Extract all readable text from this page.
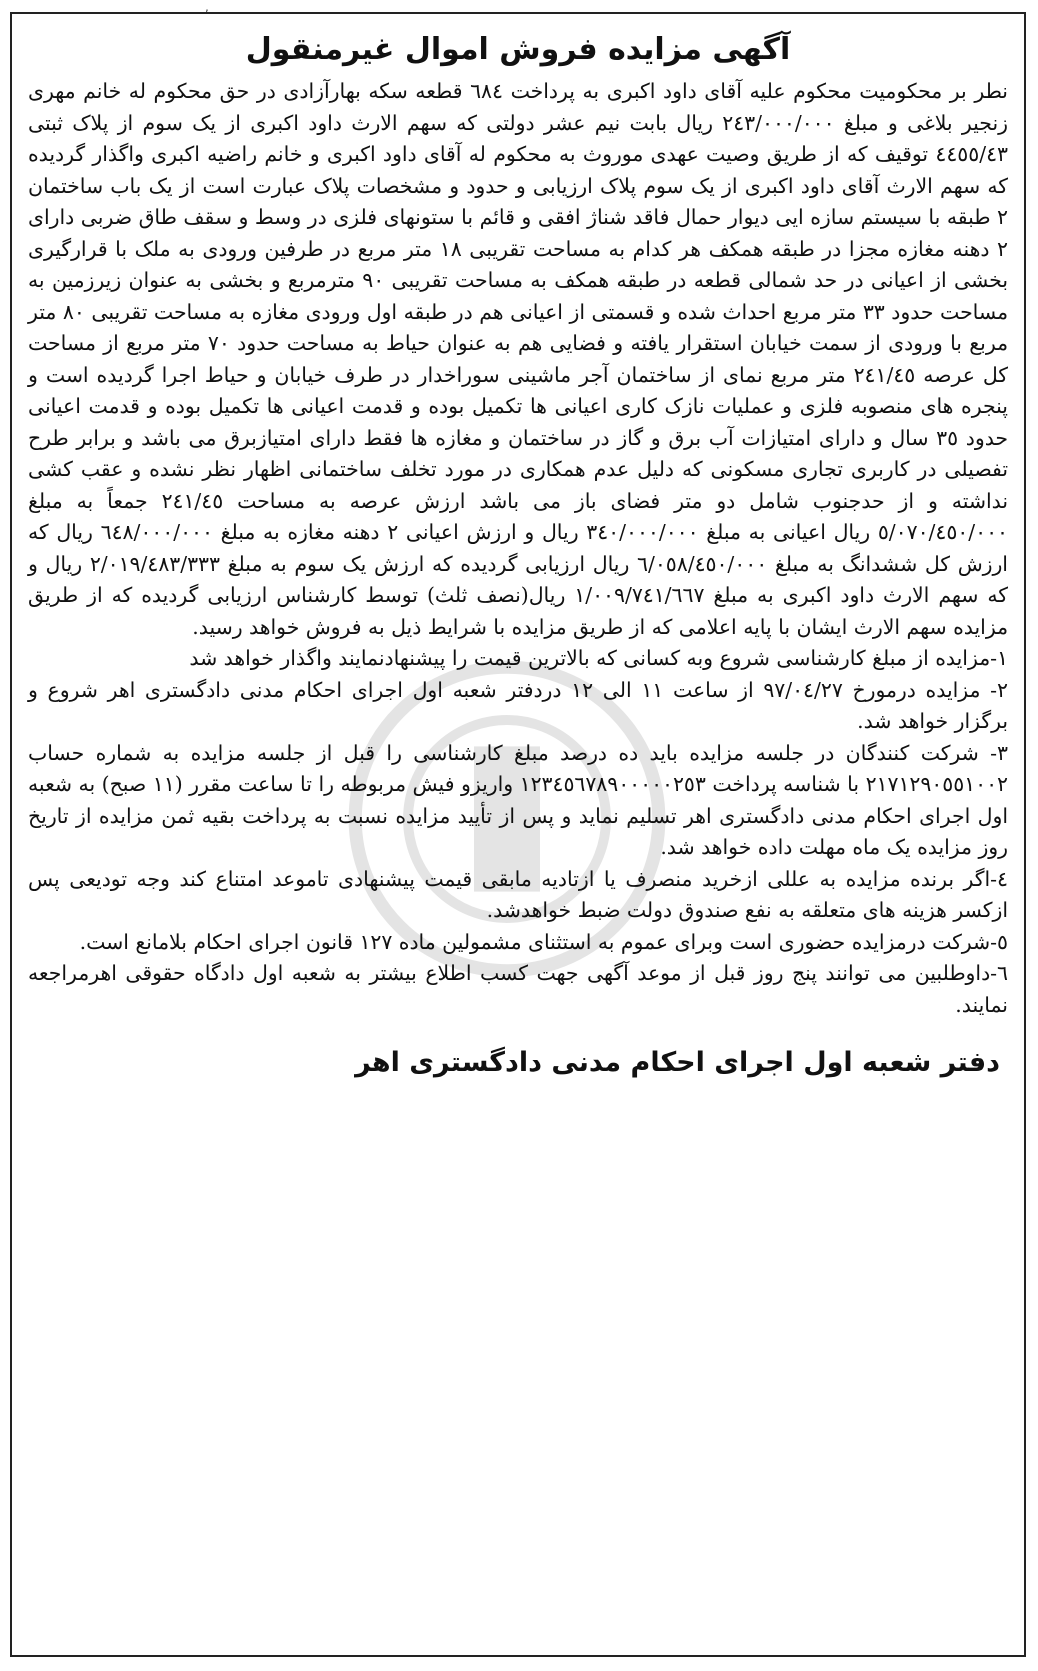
,
آگهی مزایده فروش اموال غیرمنقول

نطر بر محکومیت محکوم علیه آقای داود اکبری به پرداخت ٦٨٤ قطعه سکه بهارآزادی در حق محکوم له خانم مهری زنجیر بلاغی و مبلغ ٢٤٣/٠٠٠/٠٠٠ ریال بابت نیم عشر دولتی که سهم الارث داود اکبری از یک سوم از پلاک ثبتی ٤٤٥٥/٤٣ توقیف که از طریق وصیت عهدی موروث به محکوم له آقای داود اکبری و خانم راضیه اکبری واگذار گردیده که سهم الارث آقای داود اکبری از یک سوم پلاک ارزیابی و حدود و مشخصات پلاک عبارت است از یک باب ساختمان ٢ طبقه با سیستم سازه ایی دیوار حمال فاقد شناژ افقی و قائم با ستونهای فلزی در وسط و سقف طاق ضربی دارای ٢ دهنه مغازه مجزا در طبقه همکف هر کدام به مساحت تقریبی ١٨ متر مربع در طرفین ورودی به ملک با قرارگیری بخشی از اعیانی در حد شمالی قطعه در طبقه همکف به مساحت تقریبی ٩٠ مترمربع و بخشی به عنوان زیرزمین به مساحت حدود ٣٣ متر مربع احداث شده و قسمتی از اعیانی هم در طبقه اول ورودی مغازه به مساحت تقریبی ٨٠ متر مربع با ورودی از سمت خیابان استقرار یافته و فضایی هم به عنوان حیاط به مساحت حدود ٧٠ متر مربع از مساحت کل عرصه ٢٤١/٤٥ متر مربع نمای از ساختمان آجر ماشینی سوراخدار در طرف خیابان و حیاط اجرا گردیده است و پنجره های منصوبه فلزی و عملیات نازک کاری اعیانی ها تکمیل بوده و قدمت اعیانی ها تکمیل بوده و قدمت اعیانی حدود ٣٥ سال و دارای امتیازات آب برق و گاز در ساختمان و مغازه ها فقط دارای امتیازبرق می باشد و برابر طرح تفصیلی در کاربری تجاری مسکونی که دلیل عدم همکاری در مورد تخلف ساختمانی اظهار نظر نشده و عقب کشی نداشته و از حدجنوب شامل دو متر فضای باز می باشد ارزش عرصه به مساحت ٢٤١/٤٥ جمعاً به مبلغ ٥/٠٧٠/٤٥٠/٠٠٠ ریال اعیانی به مبلغ ٣٤٠/٠٠٠/٠٠٠ ریال و ارزش اعیانی ٢ دهنه مغازه به مبلغ ٦٤٨/٠٠٠/٠٠٠ ریال که ارزش کل ششدانگ به مبلغ ٦/٠٥٨/٤٥٠/٠٠٠ ریال ارزیابی گردیده که ارزش یک سوم به مبلغ ٢/٠١٩/٤٨٣/٣٣٣ ریال و که سهم الارث داود اکبری به مبلغ ١/٠٠٩/٧٤١/٦٦٧ ریال(نصف ثلث) توسط کارشناس ارزیابی گردیده که از طریق مزایده سهم الارث ایشان با پایه اعلامی که از طریق مزایده با شرایط ذیل به فروش خواهد رسید.

١-مزایده از مبلغ کارشناسی شروع وبه کسانی که بالاترین قیمت را پیشنهادنمایند واگذار خواهد شد
٢- مزایده درمورخ ٩٧/٠٤/٢٧ از ساعت ١١ الی ١٢ دردفتر شعبه اول اجرای احکام مدنی دادگستری اهر شروع و برگزار خواهد شد.
٣- شرکت کنندگان در جلسه مزایده باید ده درصد مبلغ کارشناسی را قبل از جلسه مزایده به شماره حساب ٢١٧١٢٩٠٥٥١٠٠٢ با شناسه پرداخت ١٢٣٤٥٦٧٨٩٠٠٠٠٠٢٥٣ واریزو فیش مربوطه را تا ساعت مقرر (١١ صبح) به شعبه اول اجرای احکام مدنی دادگستری اهر تسلیم نماید و پس از تأیید مزایده نسبت به پرداخت بقیه ثمن مزایده از تاریخ روز مزایده یک ماه مهلت داده خواهد شد.
٤-اگر برنده مزایده به عللی ازخرید منصرف یا ازتادیه مابقی قیمت پیشنهادی تاموعد امتناع کند وجه تودیعی پس ازکسر هزینه های متعلقه به نفع صندوق دولت ضبط خواهدشد.
٥-شرکت درمزایده حضوری است وبرای عموم به استثنای مشمولین ماده ١٢٧ قانون اجرای احکام بلامانع است.
٦-داوطلبین می توانند پنج روز قبل از موعد آگهی جهت کسب اطلاع بیشتر به شعبه اول دادگاه حقوقی اهرمراجعه نمایند.
دفتر شعبه اول اجرای احکام مدنی دادگستری اهر
